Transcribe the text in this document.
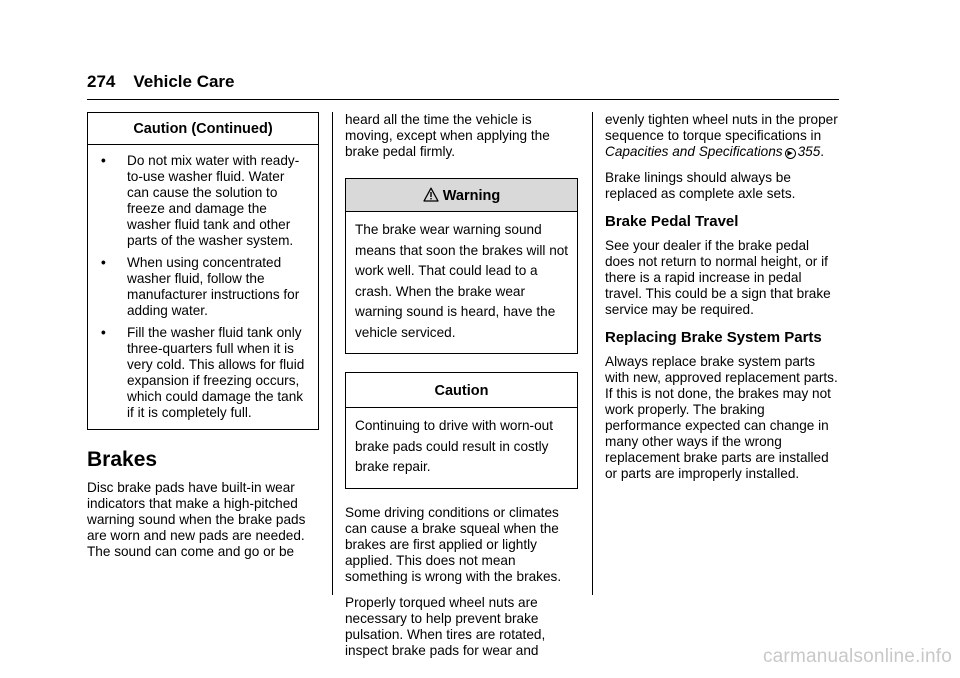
274 Vehicle Care
Caution (Continued)
•	Do not mix water with ready-to-use washer fluid. Water can cause the solution to freeze and damage the washer fluid tank and other parts of the washer system.
•	When using concentrated washer fluid, follow the manufacturer instructions for adding water.
•	Fill the washer fluid tank only three-quarters full when it is very cold. This allows for fluid expansion if freezing occurs, which could damage the tank if it is completely full.
Brakes

Disc brake pads have built-in wear indicators that make a high-pitched warning sound when the brake pads are worn and new pads are needed. The sound can come and go or be

heard all the time the vehicle is moving, except when applying the brake pedal firmly.

Warning
The brake wear warning sound means that soon the brakes will not work well. That could lead to a crash. When the brake wear warning sound is heard, have the vehicle serviced.
Caution
Continuing to drive with worn-out brake pads could result in costly brake repair.

Some driving conditions or climates can cause a brake squeal when the brakes are first applied or lightly applied. This does not mean something is wrong with the brakes.

Properly torqued wheel nuts are necessary to help prevent brake pulsation. When tires are rotated, inspect brake pads for wear and

evenly tighten wheel nuts in the proper sequence to torque specifications in Capacities and Specifications ▶ 355.

Brake linings should always be replaced as complete axle sets.

Brake Pedal Travel

See your dealer if the brake pedal does not return to normal height, or if there is a rapid increase in pedal travel. This could be a sign that brake service may be required.

Replacing Brake System Parts

Always replace brake system parts with new, approved replacement parts. If this is not done, the brakes may not work properly. The braking performance expected can change in many other ways if the wrong replacement brake parts are installed or parts are improperly installed.

carmanualsonline.info
